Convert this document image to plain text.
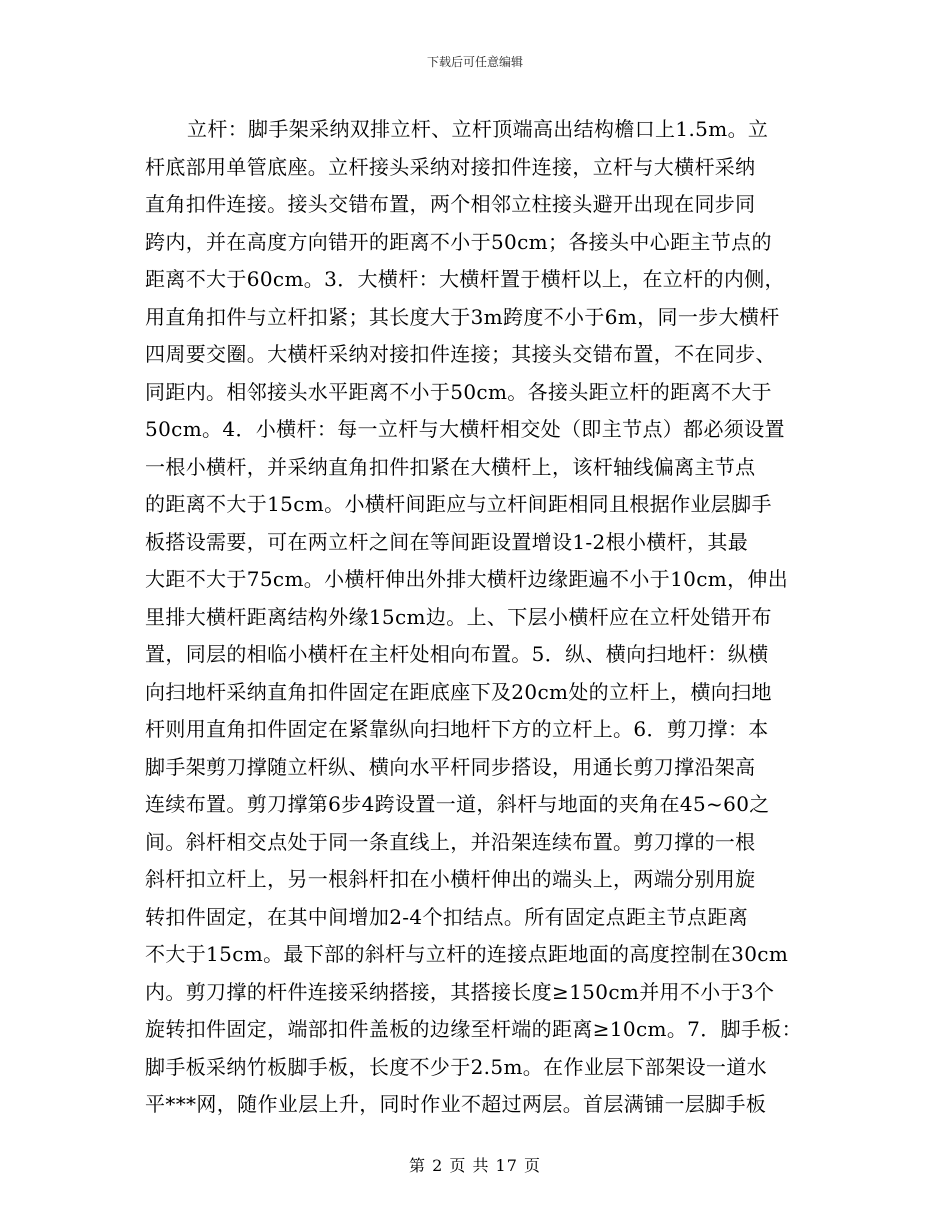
下载后可任意编辑
立杆：脚手架采纳双排立杆、立杆顶端高出结构檐口上1.5m。立
杆底部用单管底座。立杆接头采纳对接扣件连接，立杆与大横杆采纳
直角扣件连接。接头交错布置，两个相邻立柱接头避开出现在同步同
跨内，并在高度方向错开的距离不小于50cm；各接头中心距主节点的
距离不大于60cm。3．大横杆：大横杆置于横杆以上，在立杆的内侧，
用直角扣件与立杆扣紧；其长度大于3m跨度不小于6m，同一步大横杆
四周要交圈。大横杆采纳对接扣件连接；其接头交错布置，不在同步、
同距内。相邻接头水平距离不小于50cm。各接头距立杆的距离不大于
50cm。4．小横杆：每一立杆与大横杆相交处（即主节点）都必须设置
一根小横杆，并采纳直角扣件扣紧在大横杆上，该杆轴线偏离主节点
的距离不大于15cm。小横杆间距应与立杆间距相同且根据作业层脚手
板搭设需要，可在两立杆之间在等间距设置增设1-2根小横杆，其最
大距不大于75cm。小横杆伸出外排大横杆边缘距遍不小于10cm，伸出
里排大横杆距离结构外缘15cm边。上、下层小横杆应在立杆处错开布
置，同层的相临小横杆在主杆处相向布置。5．纵、横向扫地杆：纵横
向扫地杆采纳直角扣件固定在距底座下及20cm处的立杆上，横向扫地
杆则用直角扣件固定在紧靠纵向扫地杆下方的立杆上。6．剪刀撑：本
脚手架剪刀撑随立杆纵、横向水平杆同步搭设，用通长剪刀撑沿架高
连续布置。剪刀撑第6步4跨设置一道，斜杆与地面的夹角在45~60之
间。斜杆相交点处于同一条直线上，并沿架连续布置。剪刀撑的一根
斜杆扣立杆上，另一根斜杆扣在小横杆伸出的端头上，两端分别用旋
转扣件固定，在其中间增加2-4个扣结点。所有固定点距主节点距离
不大于15cm。最下部的斜杆与立杆的连接点距地面的高度控制在30cm
内。剪刀撑的杆件连接采纳搭接，其搭接长度≥150cm并用不小于3个
旋转扣件固定，端部扣件盖板的边缘至杆端的距离≥10cm。7．脚手板：
脚手板采纳竹板脚手板，长度不少于2.5m。在作业层下部架设一道水
平***网，随作业层上升，同时作业不超过两层。首层满铺一层脚手板
第 2 页 共 17 页
